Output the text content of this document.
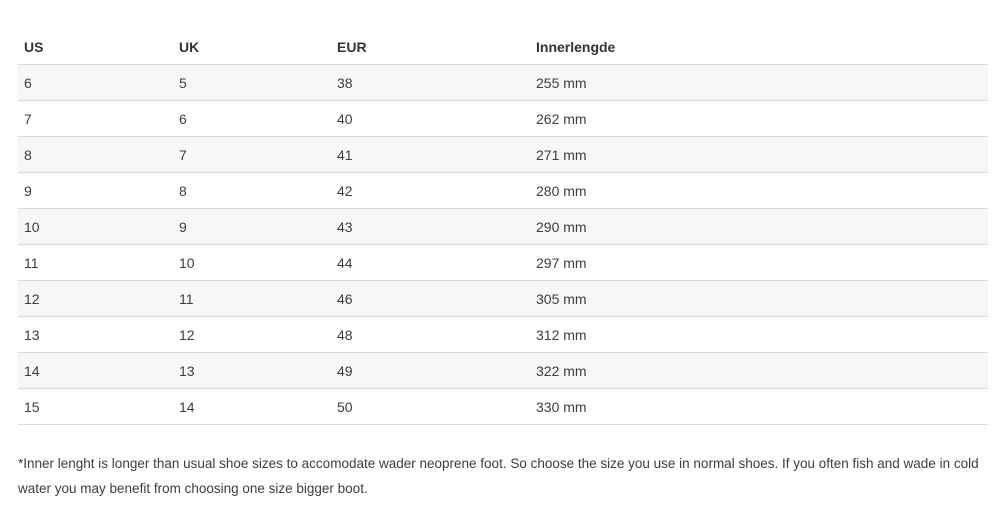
US	UK	EUR	Innerlengde
6	5	38	255 mm
7	6	40	262 mm
8	7	41	271 mm
9	8	42	280 mm
10	9	43	290 mm
11	10	44	297 mm
12	11	46	305 mm
13	12	48	312 mm
14	13	49	322 mm
15	14	50	330 mm

*Inner lenght is longer than usual shoe sizes to accomodate wader neoprene foot. So choose the size you use in normal shoes. If you often fish and wade in cold water you may benefit from choosing one size bigger boot.
